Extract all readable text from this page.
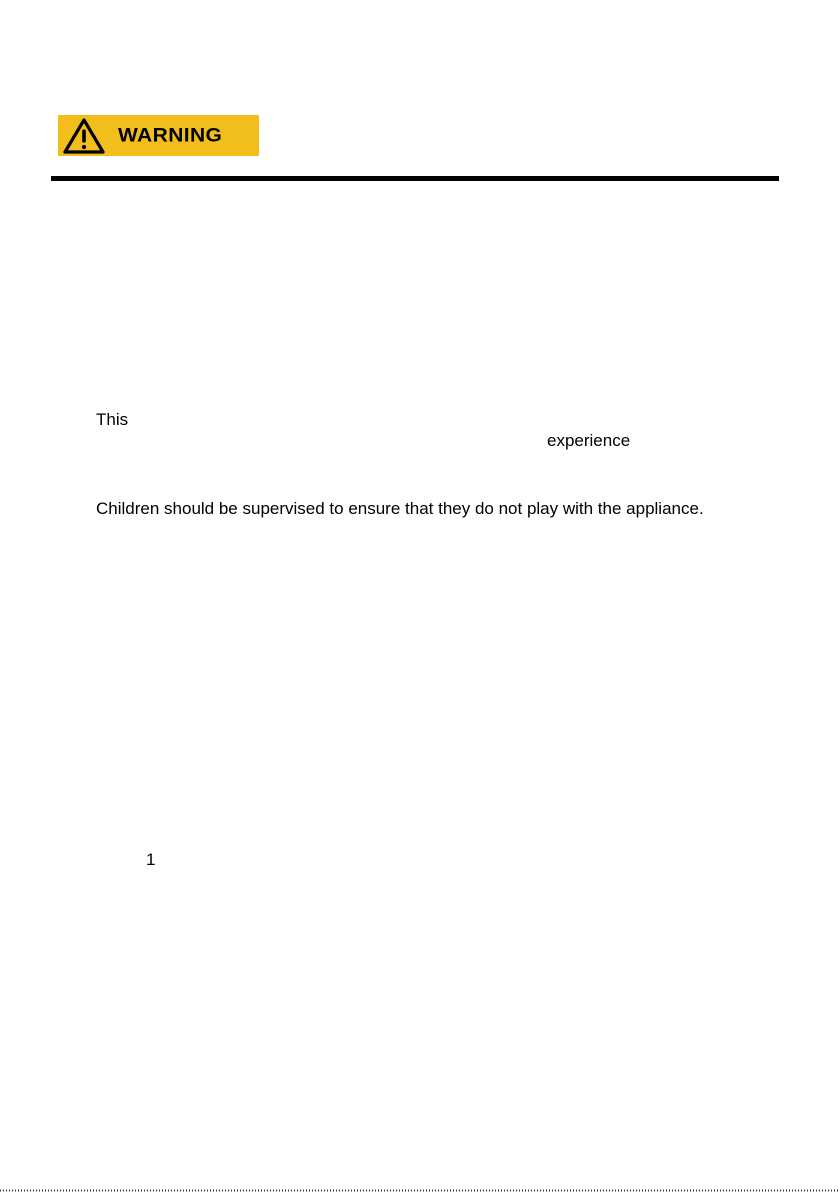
WARNING
This
experience
Children should be supervised to ensure that they do not play with the appliance.
1
